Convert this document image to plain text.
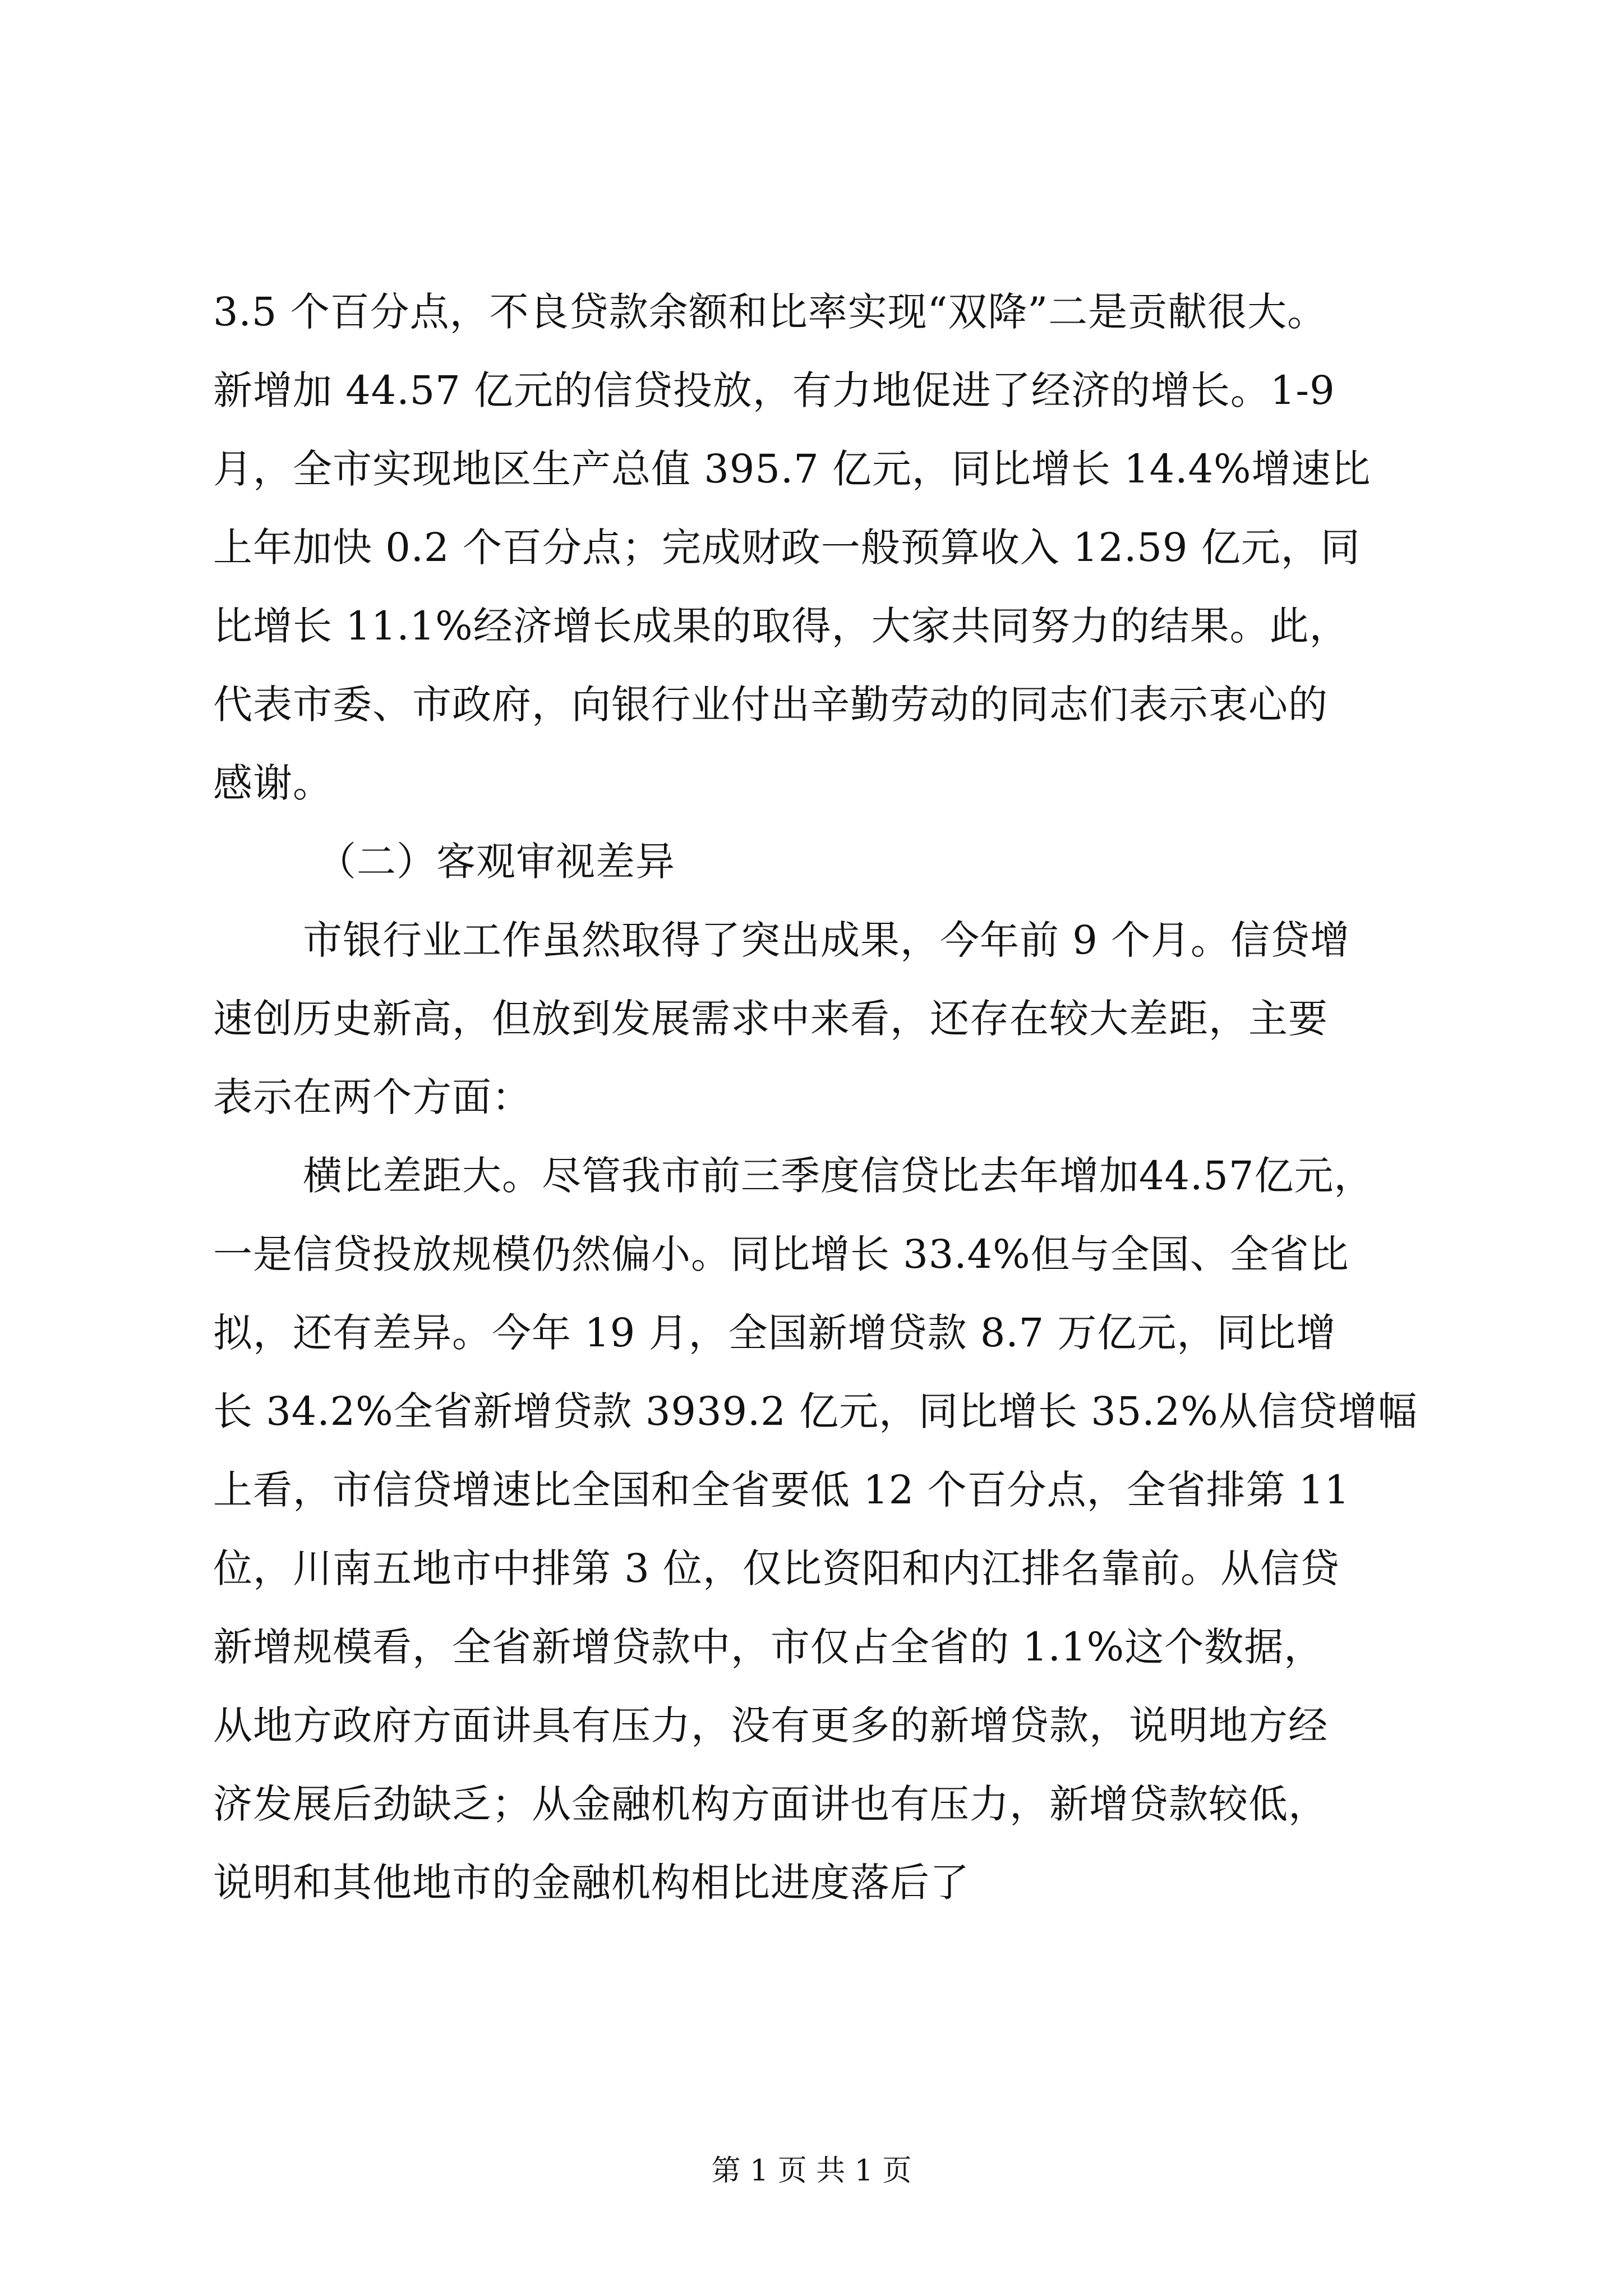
3.5 个百分点，不良贷款余额和比率实现“双降”二是贡献很大。
新增加 44.57 亿元的信贷投放，有力地促进了经济的增长。1-9
月，全市实现地区生产总值 395.7 亿元，同比增长 14.4%增速比
上年加快 0.2 个百分点；完成财政一般预算收入 12.59 亿元，同
比增长 11.1%经济增长成果的取得，大家共同努力的结果。此，
代表市委、市政府，向银行业付出辛勤劳动的同志们表示衷心的
感谢。
（二）客观审视差异
市银行业工作虽然取得了突出成果，今年前 9 个月。信贷增
速创历史新高，但放到发展需求中来看，还存在较大差距，主要
表示在两个方面：
横比差距大。尽管我市前三季度信贷比去年增加44.57亿元，
一是信贷投放规模仍然偏小。同比增长 33.4%但与全国、全省比
拟，还有差异。今年 19 月，全国新增贷款 8.7 万亿元，同比增
长 34.2%全省新增贷款 3939.2 亿元，同比增长 35.2%从信贷增幅
上看，市信贷增速比全国和全省要低 12 个百分点，全省排第 11
位，川南五地市中排第 3 位，仅比资阳和内江排名靠前。从信贷
新增规模看，全省新增贷款中，市仅占全省的 1.1%这个数据，
从地方政府方面讲具有压力，没有更多的新增贷款，说明地方经
济发展后劲缺乏；从金融机构方面讲也有压力，新增贷款较低，
说明和其他地市的金融机构相比进度落后了
第 1 页 共 1 页
